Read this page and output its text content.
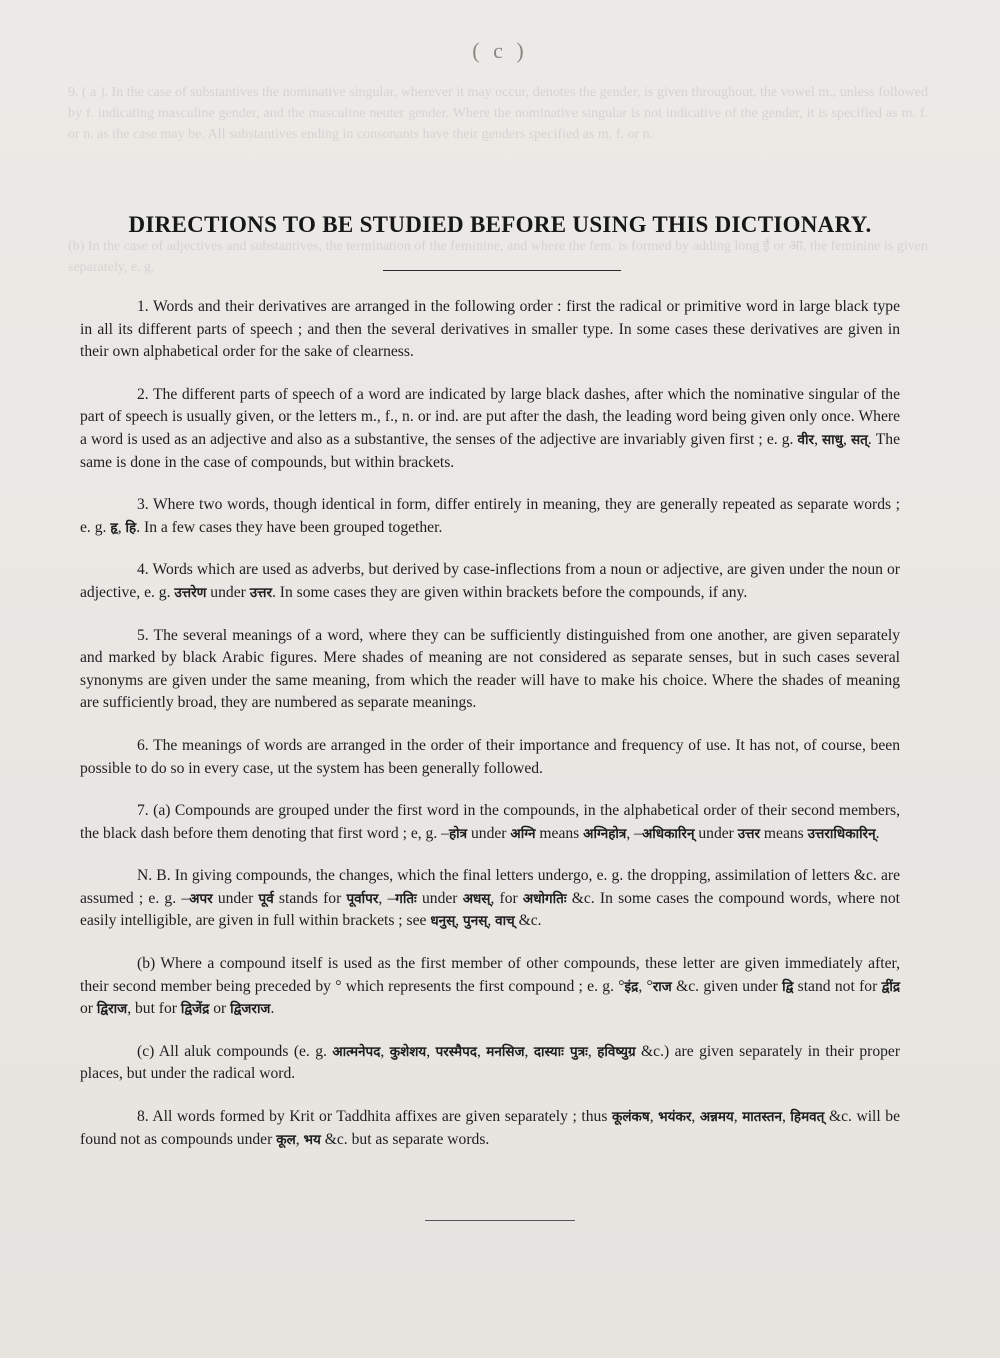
( c )
9. ( a ). In the case of substantives the nominative singular, wherever it may occur, denotes the gender, is given throughout, the vowel m., unless followed by f. indicating masculine gender, and the masculine neuter gender. Where the nominative singular is not indicative of the gender, it is specified as m. f. or n. as the case may be. All substantives ending in consonants have their genders specified as m. f. or n.
(b) In the case of adjectives and substantives, the termination of the feminine, and where the fem. is formed by adding long ई or आ, the feminine is given separately, e. g.
DIRECTIONS TO BE STUDIED BEFORE USING THIS DICTIONARY.

1. Words and their derivatives are arranged in the following order : first the radical or primitive word in large black type in all its different parts of speech ; and then the several derivatives in smaller type. In some cases these derivatives are given in their own alphabetical order for the sake of clearness.

2. The different parts of speech of a word are indicated by large black dashes, after which the nominative singular of the part of speech is usually given, or the letters m., f., n. or ind. are put after the dash, the leading word being given only once. Where a word is used as an adjective and also as a substantive, the senses of the adjective are invariably given first ; e. g. वीर, साधु, सत्. The same is done in the case of compounds, but within brackets.

3. Where two words, though identical in form, differ entirely in meaning, they are generally repeated as separate words ; e. g. हृ, हि. In a few cases they have been grouped together.

4. Words which are used as adverbs, but derived by case-inflections from a noun or adjective, are given under the noun or adjective, e. g. उत्तरेण under उत्तर. In some cases they are given within brackets before the compounds, if any.

5. The several meanings of a word, where they can be sufficiently distinguished from one another, are given separately and marked by black Arabic figures. Mere shades of meaning are not considered as separate senses, but in such cases several synonyms are given under the same meaning, from which the reader will have to make his choice. Where the shades of meaning are sufficiently broad, they are numbered as separate meanings.

6. The meanings of words are arranged in the order of their importance and frequency of use. It has not, of course, been possible to do so in every case, ut the system has been generally followed.

7. (a) Compounds are grouped under the first word in the compounds, in the alphabetical order of their second members, the black dash before them denoting that first word ; e, g. –होत्र under अग्नि means अग्निहोत्र, –अधिकारिन् under उत्तर means उत्तराधिकारिन्.

N. B. In giving compounds, the changes, which the final letters undergo, e. g. the dropping, assimilation of letters &c. are assumed ; e. g. –अपर under पूर्व stands for पूर्वापर, –गतिः under अधस्, for अधोगतिः &c. In some cases the compound words, where not easily intelligible, are given in full within brackets ; see धनुस्, पुनस्, वाच् &c.

(b) Where a compound itself is used as the first member of other compounds, these letter are given immediately after, their second member being preceded by ° which represents the first compound ; e. g. °इंद्र, °राज &c. given under द्वि stand not for द्वींद्र or द्विराज, but for द्विजेंद्र or द्विजराज.

(c) All aluk compounds (e. g. आत्मनेपद, कुशेशय, परस्मैपद, मनसिज, दास्याः पुत्रः, हविष्युग्र &c.) are given separately in their proper places, but under the radical word.

8. All words formed by Krit or Taddhita affixes are given separately ; thus कूलंकष, भयंकर, अन्नमय, मातस्तन, हिमवत् &c. will be found not as compounds under कूल, भय &c. but as separate words.
